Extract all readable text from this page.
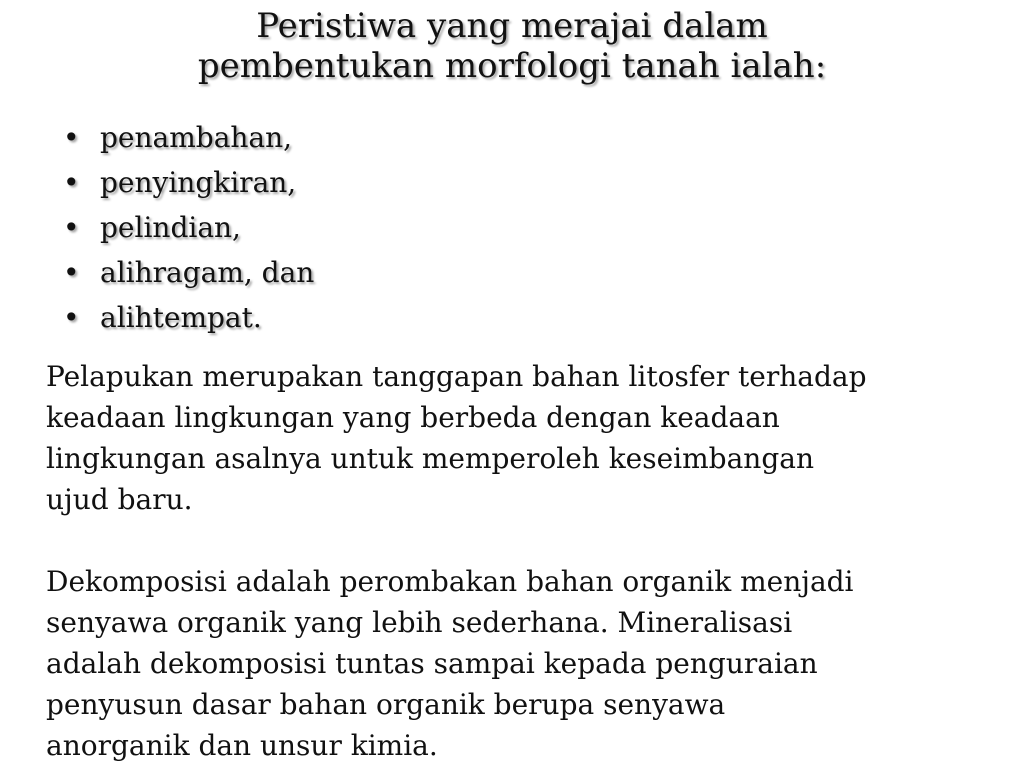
Peristiwa yang merajai dalam
pembentukan morfologi tanah ialah:
• penambahan,
• penyingkiran,
• pelindian,
• alihragam, dan
• alihtempat.

Pelapukan merupakan tanggapan bahan litosfer terhadap
keadaan lingkungan yang berbeda dengan keadaan
lingkungan asalnya untuk memperoleh keseimbangan
ujud baru.

Dekomposisi adalah perombakan bahan organik menjadi
senyawa organik yang lebih sederhana. Mineralisasi
adalah dekomposisi tuntas sampai kepada penguraian
penyusun dasar bahan organik berupa senyawa
anorganik dan unsur kimia.
